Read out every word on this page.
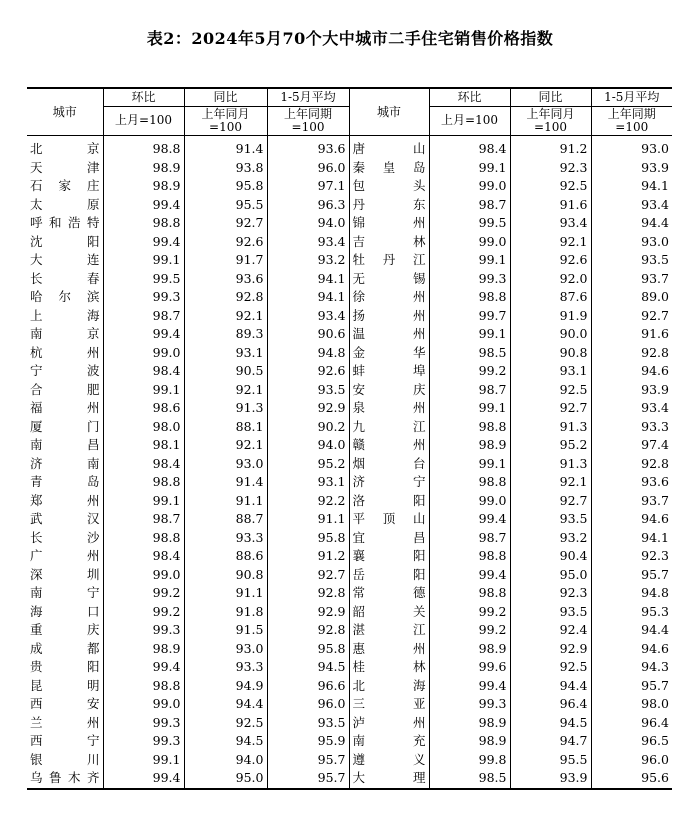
表2：2024年5月70个大中城市二手住宅销售价格指数
城市	环比	同比	1-5月平均	城市	环比	同比	1-5月平均
	上月=100	上年同月=100	上年同期=100		上月=100	上年同月=100	上年同期=100
北京	98.8	91.4	93.6	唐山	98.4	91.2	93.0
天津	98.9	93.8	96.0	秦皇岛	99.1	92.3	93.9
石家庄	98.9	95.8	97.1	包头	99.0	92.5	94.1
太原	99.4	95.5	96.3	丹东	98.7	91.6	93.4
呼和浩特	98.8	92.7	94.0	锦州	99.5	93.4	94.4
沈阳	99.4	92.6	93.4	吉林	99.0	92.1	93.0
大连	99.1	91.7	93.2	牡丹江	99.1	92.6	93.5
长春	99.5	93.6	94.1	无锡	99.3	92.0	93.7
哈尔滨	99.3	92.8	94.1	徐州	98.8	87.6	89.0
上海	98.7	92.1	93.4	扬州	99.7	91.9	92.7
南京	99.4	89.3	90.6	温州	99.1	90.0	91.6
杭州	99.0	93.1	94.8	金华	98.5	90.8	92.8
宁波	98.4	90.5	92.6	蚌埠	99.2	93.1	94.6
合肥	99.1	92.1	93.5	安庆	98.7	92.5	93.9
福州	98.6	91.3	92.9	泉州	99.1	92.7	93.4
厦门	98.0	88.1	90.2	九江	98.8	91.3	93.3
南昌	98.1	92.1	94.0	赣州	98.9	95.2	97.4
济南	98.4	93.0	95.2	烟台	99.1	91.3	92.8
青岛	98.8	91.4	93.1	济宁	98.8	92.1	93.6
郑州	99.1	91.1	92.2	洛阳	99.0	92.7	93.7
武汉	98.7	88.7	91.1	平顶山	99.4	93.5	94.6
长沙	98.8	93.3	95.8	宜昌	98.7	93.2	94.1
广州	98.4	88.6	91.2	襄阳	98.8	90.4	92.3
深圳	99.0	90.8	92.7	岳阳	99.4	95.0	95.7
南宁	99.2	91.1	92.8	常德	98.8	92.3	94.8
海口	99.2	91.8	92.9	韶关	99.2	93.5	95.3
重庆	99.3	91.5	92.8	湛江	99.2	92.4	94.4
成都	98.9	93.0	95.8	惠州	98.9	92.9	94.6
贵阳	99.4	93.3	94.5	桂林	99.6	92.5	94.3
昆明	98.8	94.9	96.6	北海	99.4	94.4	95.7
西安	99.0	94.4	96.0	三亚	99.3	96.4	98.0
兰州	99.3	92.5	93.5	泸州	98.9	94.5	96.4
西宁	99.3	94.5	95.9	南充	98.9	94.7	96.5
银川	99.1	94.0	95.7	遵义	99.8	95.5	96.0
乌鲁木齐	99.4	95.0	95.7	大理	98.5	93.9	95.6
